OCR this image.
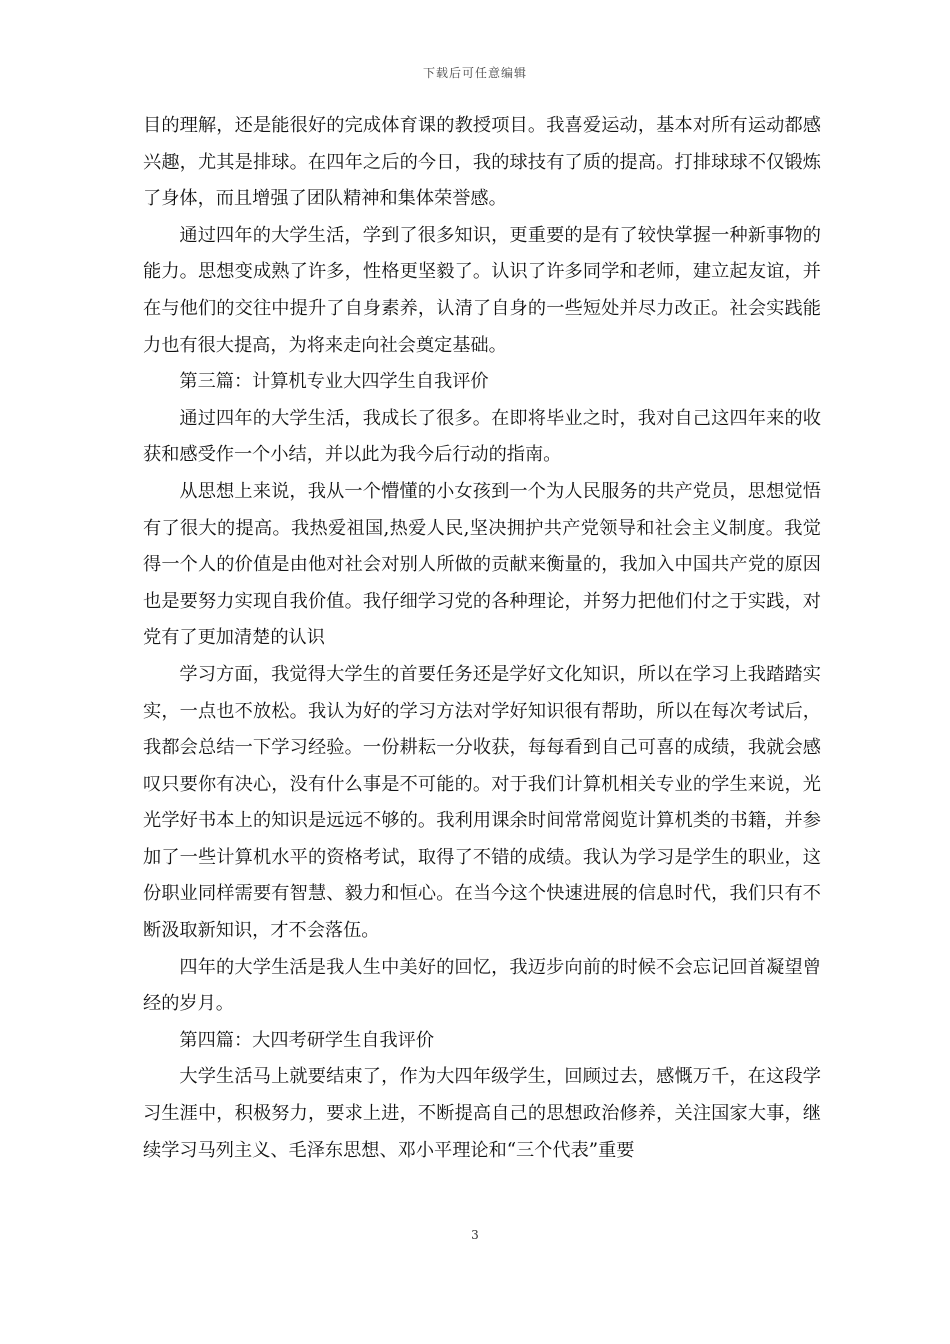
下载后可任意编辑

目的理解，还是能很好的完成体育课的教授项目。我喜爱运动，基本对所有运动都感兴趣，尤其是排球。在四年之后的今日，我的球技有了质的提高。打排球球不仅锻炼了身体，而且增强了团队精神和集体荣誉感。

通过四年的大学生活，学到了很多知识，更重要的是有了较快掌握一种新事物的能力。思想变成熟了许多，性格更坚毅了。认识了许多同学和老师，建立起友谊，并在与他们的交往中提升了自身素养，认清了自身的一些短处并尽力改正。社会实践能力也有很大提高，为将来走向社会奠定基础。

第三篇：计算机专业大四学生自我评价

通过四年的大学生活，我成长了很多。在即将毕业之时，我对自己这四年来的收获和感受作一个小结，并以此为我今后行动的指南。

从思想上来说，我从一个懵懂的小女孩到一个为人民服务的共产党员，思想觉悟有了很大的提高。我热爱祖国,热爱人民,坚决拥护共产党领导和社会主义制度。我觉得一个人的价值是由他对社会对别人所做的贡献来衡量的，我加入中国共产党的原因也是要努力实现自我价值。我仔细学习党的各种理论，并努力把他们付之于实践，对党有了更加清楚的认识

学习方面，我觉得大学生的首要任务还是学好文化知识，所以在学习上我踏踏实实，一点也不放松。我认为好的学习方法对学好知识很有帮助，所以在每次考试后，我都会总结一下学习经验。一份耕耘一分收获，每每看到自己可喜的成绩，我就会感叹只要你有决心，没有什么事是不可能的。对于我们计算机相关专业的学生来说，光光学好书本上的知识是远远不够的。我利用课余时间常常阅览计算机类的书籍，并参加了一些计算机水平的资格考试，取得了不错的成绩。我认为学习是学生的职业，这份职业同样需要有智慧、毅力和恒心。在当今这个快速进展的信息时代，我们只有不断汲取新知识，才不会落伍。

四年的大学生活是我人生中美好的回忆，我迈步向前的时候不会忘记回首凝望曾经的岁月。

第四篇：大四考研学生自我评价

大学生活马上就要结束了，作为大四年级学生，回顾过去，感慨万千，在这段学习生涯中，积极努力，要求上进，不断提高自己的思想政治修养，关注国家大事，继续学习马列主义、毛泽东思想、邓小平理论和“三个代表”重要

3
